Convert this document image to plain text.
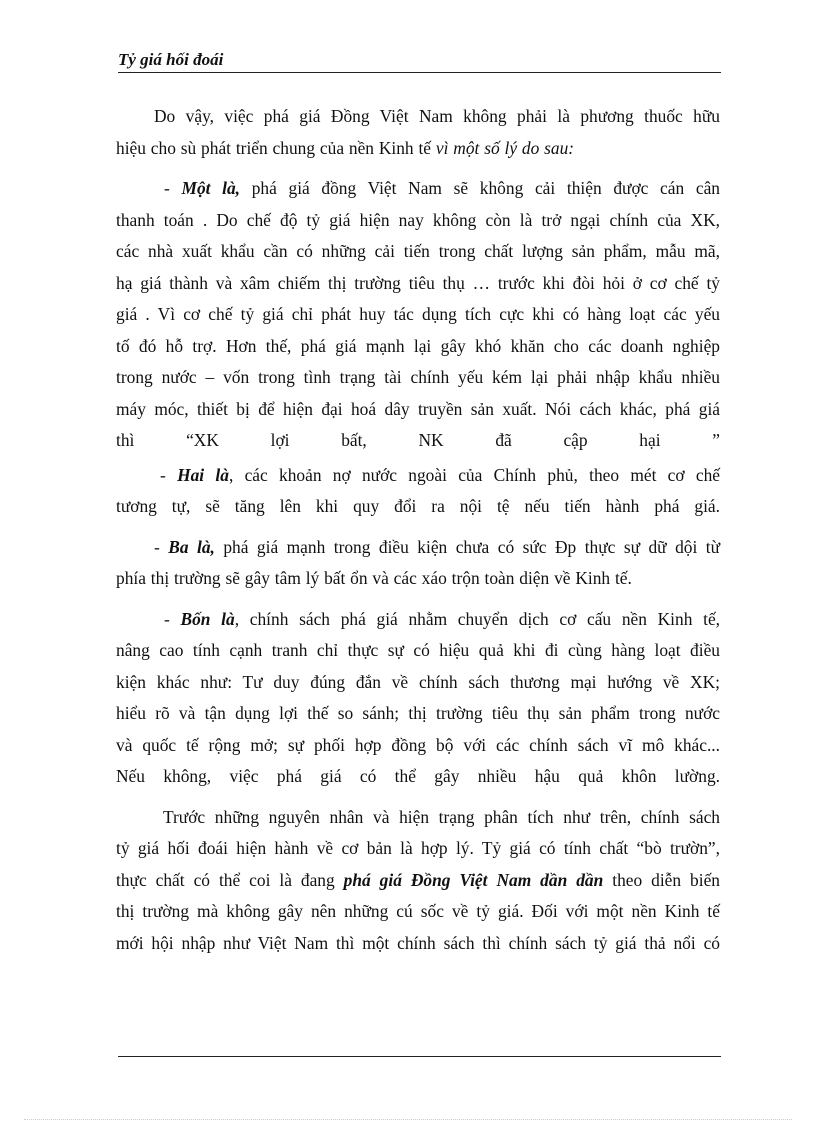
Tỷ giá hối đoái

Do vậy, việc phá giá Đồng Việt Nam không phải là phương thuốc hữu
hiệu cho sù phát triển chung của nền Kinh tế vì một số lý do sau:

- Một là, phá giá đồng Việt Nam sẽ không cải thiện được cán cân
thanh toán . Do chế độ tỷ giá hiện nay không còn là trở ngại chính của XK,
các nhà xuất khẩu cần có những cải tiến trong chất lượng sản phẩm, mẫu mã,
hạ giá thành và xâm chiếm thị trường tiêu thụ … trước khi đòi hỏi ở cơ chế tỷ
giá . Vì cơ chế tỷ giá chỉ phát huy tác dụng tích cực khi có hàng loạt các yếu
tố đó hỗ trợ. Hơn thế, phá giá mạnh lại gây khó khăn cho các doanh nghiệp
trong nước – vốn trong tình trạng tài chính yếu kém lại phải nhập khẩu nhiều
máy móc, thiết bị để hiện đại hoá dây truyền sản xuất. Nói cách khác, phá giá
thì	“XK	lợi	bất,	NK	đã	cập	hại	”

- Hai là, các khoản nợ nước ngoài của Chính phủ, theo mét cơ chế
tương tự, sẽ tăng lên khi quy đổi ra nội tệ nếu tiến hành phá giá.

- Ba là, phá giá mạnh trong điều kiện chưa có sức Ðp thực sự dữ dội từ
phía thị trường sẽ gây tâm lý bất ổn và các xáo trộn toàn diện về Kinh tế.

- Bốn là, chính sách phá giá nhằm chuyển dịch cơ cấu nền Kinh tế,
nâng cao tính cạnh tranh chỉ thực sự có hiệu quả khi đi cùng hàng loạt điều
kiện khác như: Tư duy đúng đắn về chính sách thương mại hướng về XK;
hiểu rõ và tận dụng lợi thế so sánh; thị trường tiêu thụ sản phẩm trong nước
và quốc tế rộng mở; sự phối hợp đồng bộ với các chính sách vĩ mô khác...
Nếu không, việc phá giá có thể gây nhiều hậu quả khôn lường.

Trước những nguyên nhân và hiện trạng phân tích như trên, chính sách
tỷ giá hối đoái hiện hành về cơ bản là hợp lý. Tỷ giá có tính chất “bò trườn”,
thực chất có thể coi là đang phá giá Đồng Việt Nam dần dần theo diễn biến
thị trường mà không gây nên những cú sốc về tỷ giá. Đối với một nền Kinh tế
mới hội nhập như Việt Nam thì một chính sách thì chính sách tỷ giá thả nổi có
